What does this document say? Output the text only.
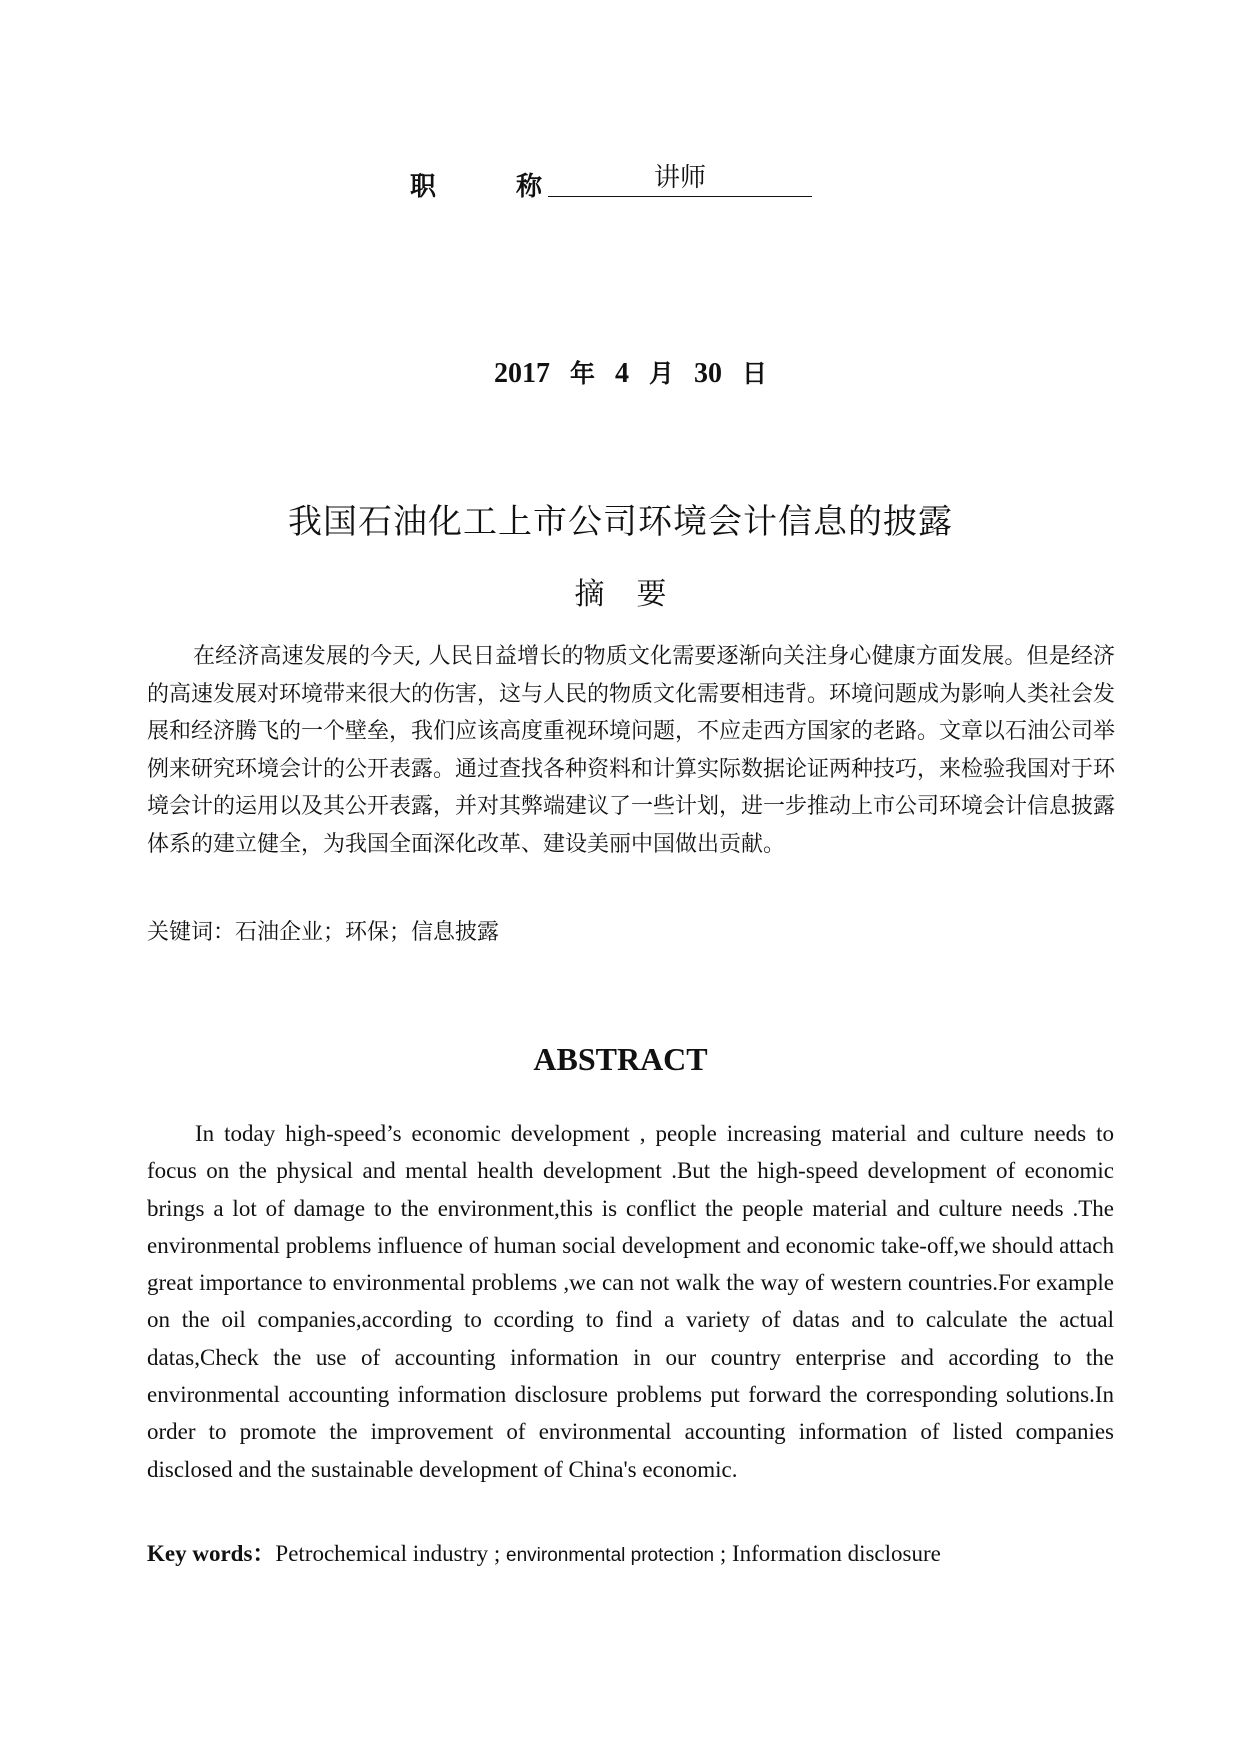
职	称	讲师
2017 年 4 月 30 日
我国石油化工上市公司环境会计信息的披露
摘 要

在经济高速发展的今天, 人民日益增长的物质文化需要逐渐向关注身心健康方面发展。但是经济的高速发展对环境带来很大的伤害，这与人民的物质文化需要相违背。环境问题成为影响人类社会发展和经济腾飞的一个壁垒，我们应该高度重视环境问题，不应走西方国家的老路。文章以石油公司举例来研究环境会计的公开表露。通过查找各种资料和计算实际数据论证两种技巧，来检验我国对于环境会计的运用以及其公开表露，并对其弊端建议了一些计划，进一步推动上市公司环境会计信息披露体系的建立健全，为我国全面深化改革、建设美丽中国做出贡献。

关键词：石油企业；环保；信息披露
ABSTRACT

In today high-speed’s economic development , people increasing material and culture needs to focus on the physical and mental health development .But the high-speed development of economic brings a lot of damage to the environment,this is conflict the people material and culture needs .The environmental problems influence of human social development and economic take-off,we should attach great importance to environmental problems ,we can not walk the way of western countries.For example on the oil companies,according to ccording to find a variety of datas and to calculate the actual datas,Check the use of accounting information in our country enterprise and according to the environmental accounting information disclosure problems put forward the corresponding solutions.In order to promote the improvement of environmental accounting information of listed companies disclosed and the sustainable development of China's economic.

Key words：Petrochemical industry ; environmental protection ; Information disclosure
